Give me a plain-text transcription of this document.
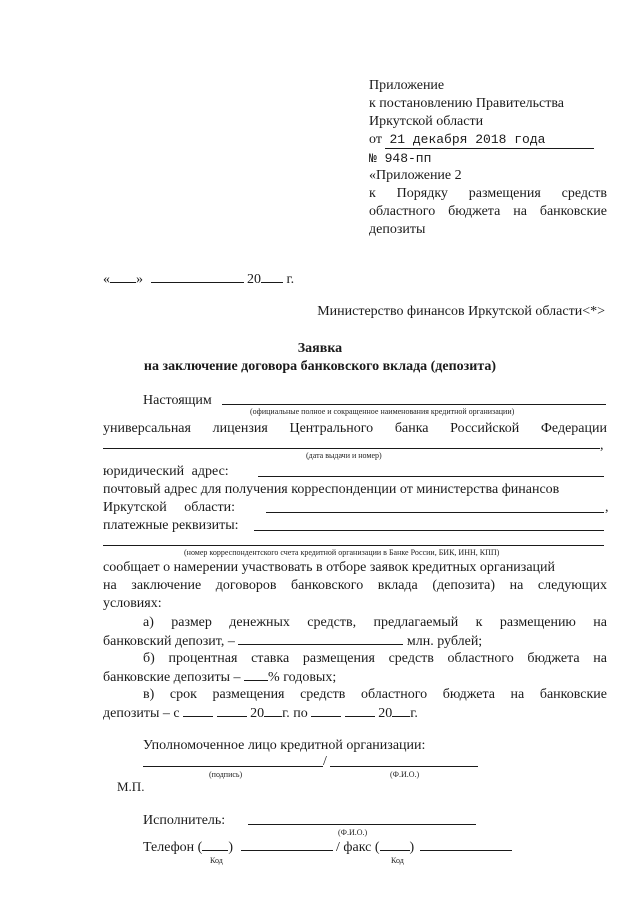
Приложение
к постановлению Правительства
Иркутской области
от 21 декабря 2018 года
№ 948-пп
«Приложение 2
к Порядку размещения средств
областного бюджета на банковские
депозиты
« »	20 г.
Министерство финансов Иркутской области<*>
Заявка
на заключение договора банковского вклада (депозита)
Настоящим
(официальные полное и сокращенное наименования кредитной организации)
универсальная лицензия Центрального банка Российской Федерации
,
(дата выдачи и номер)
юридический адрес:
почтовый адрес для получения корреспонденции от министерства финансов
Иркутской области:	,
платежные реквизиты:
(номер корреспондентского счета кредитной организации в Банке России, БИК, ИНН, КПП)
сообщает о намерении участвовать в отборе заявок кредитных организаций
на заключение договоров банковского вклада (депозита) на следующих
условиях:
а) размер денежных средств, предлагаемый к размещению на
банковский депозит, –	млн. рублей;
б) процентная ставка размещения средств областного бюджета на
банковские депозиты – % годовых;
в) срок размещения средств областного бюджета на банковские
депозиты – с	20 г. по	20 г.
Уполномоченное лицо кредитной организации:
/
(подпись)	(Ф.И.О.)
М.П.
Исполнитель:
(Ф.И.О.)
Телефон ( )	/ факс ( )
Код	Код
